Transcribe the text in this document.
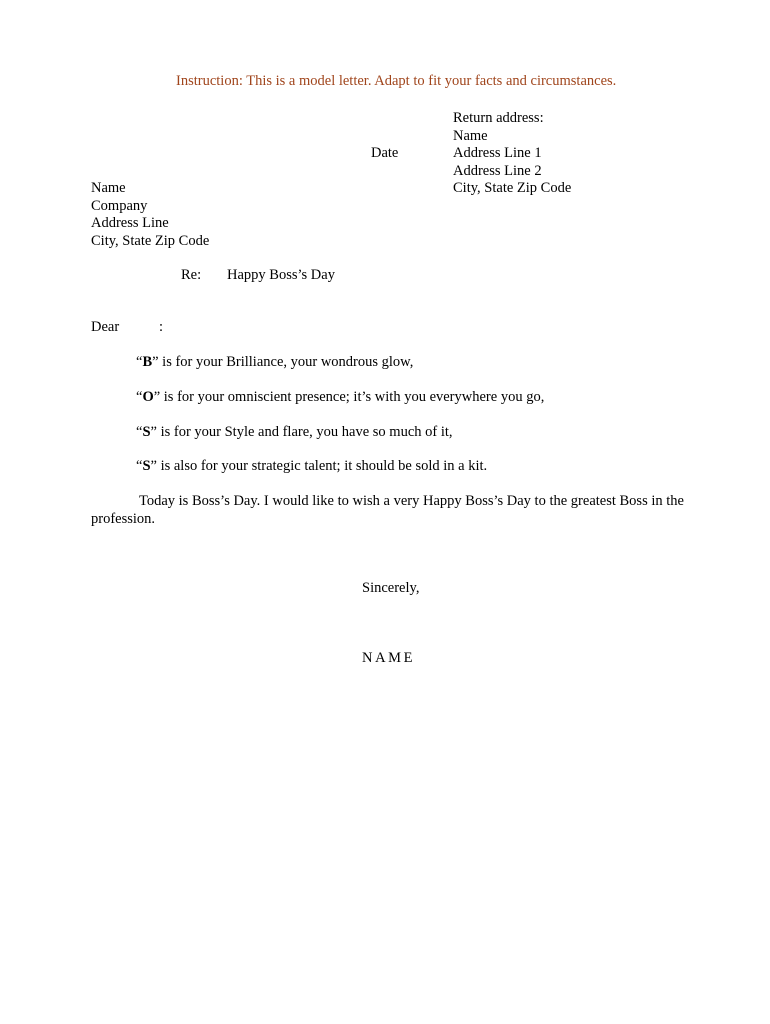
Instruction: This is a model letter. Adapt to fit your facts and circumstances.
Return address:
Name
Address Line 1
Address Line 2
City, State Zip Code
Date
Name
Company
Address Line
City, State Zip Code
Re: Happy Boss’s Day
Dear	:
“B” is for your Brilliance, your wondrous glow,
“O” is for your omniscient presence; it’s with you everywhere you go,
“S” is for your Style and flare, you have so much of it,
“S” is also for your strategic talent; it should be sold in a kit.
Today is Boss’s Day. I would like to wish a very Happy Boss’s Day to the greatest Boss in the profession.
Sincerely,
NAME
